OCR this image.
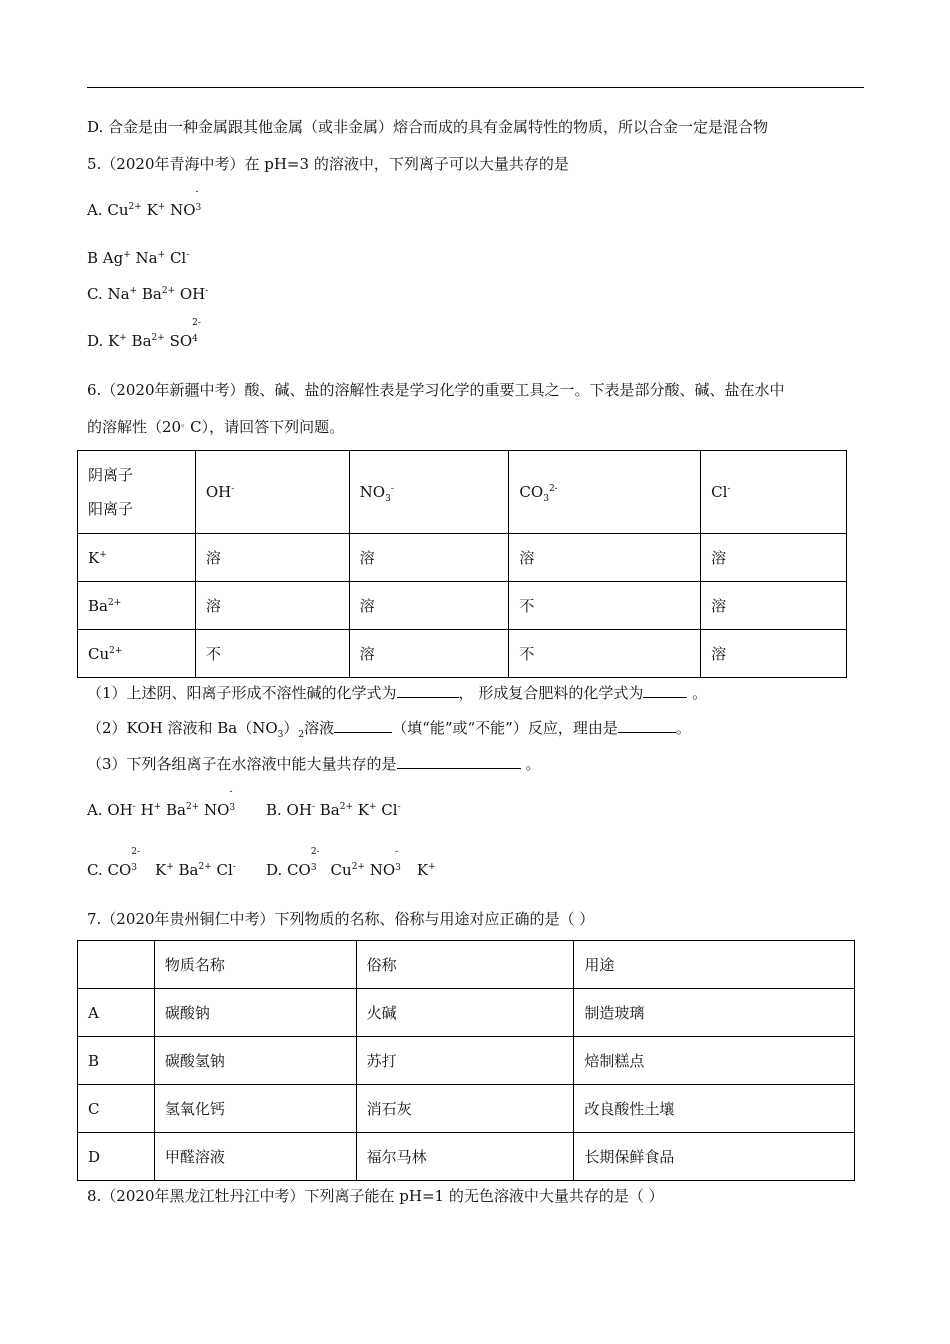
D. 合金是由一种金属跟其他金属（或非金属）熔合而成的具有金属特性的物质，所以合金一定是混合物
5.（2020年青海中考）在 pH=3 的溶液中，下列离子可以大量共存的是
A. $Cu^{2+}$ K+ NO
-
3
B Ag+ Na+ Cl-
C. Na+ $Ba^{2+}$ OH-
D. K+ $Ba^{2+}$ SO
2-
4
6.（2020年新疆中考）酸、碱、盐的溶解性表是学习化学的重要工具之一。下表是部分酸、碱、盐在水中
的溶解性（20。C），请回答下列问题。
阴离子
阳离子	OH-	$NO_3^-$	$CO_3^{2-}$	Cl-
K+	溶	溶	溶	溶
$Ba^{2+}$	溶	溶	不	溶
$Cu^{2+}$	不	溶	不	溶
（1）上述阴、阳离子形成不溶性碱的化学式为	， 形成复合肥料的化学式为	。
（2）KOH 溶液和 $Ba(NO_3)_2$溶液	（填“能”或“不能”）反应，理由是	。
（3）下列各组离子在水溶液中能大量共存的是	。
A. OH- H+ $Ba^{2+}$ NO
-
3 B. OH- $Ba^{2+}$ K+ Cl-
C. CO
2-
3 K+ $Ba^{2+}$ Cl- D. CO
2-
3 $Cu^{2+}$ NO
-
3 K+
7.（2020年贵州铜仁中考）下列物质的名称、俗称与用途对应正确的是（ ）
	物质名称	俗称	用途
A	碳酸钠	火碱	制造玻璃
B	碳酸氢钠	苏打	焙制糕点
C	氢氧化钙	消石灰	改良酸性土壤
D	甲醛溶液	福尔马林	长期保鲜食品
8.（2020年黑龙江牡丹江中考）下列离子能在 pH=1 的无色溶液中大量共存的是（ ）
